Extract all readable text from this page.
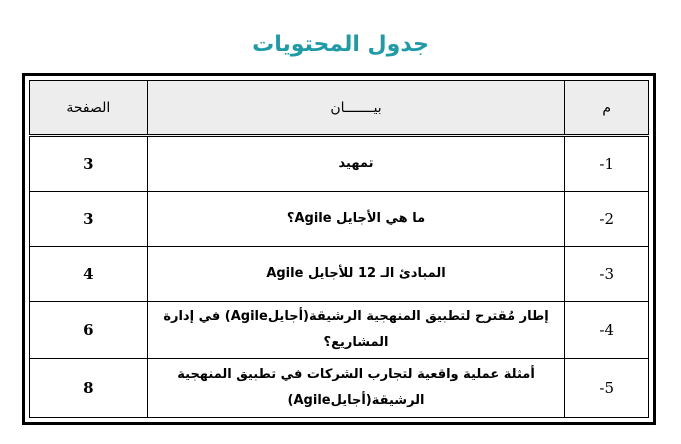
جدول المحتويات
م	بيـــــــان	الصفحة
1-	تمهيد	3
2-	ما هي الأجايل Agile؟	3
3-	المبادئ الـ 12 للأجايل Agile	4
4-	إطار مُقترح لتطبيق المنهجية الرشيقة(أجايلAgile) في إدارة المشاريع؟	6
5-	أمثلة عملية واقعية لتجارب الشركات في تطبيق المنهجية الرشيقة(أجايلAgile)	8
